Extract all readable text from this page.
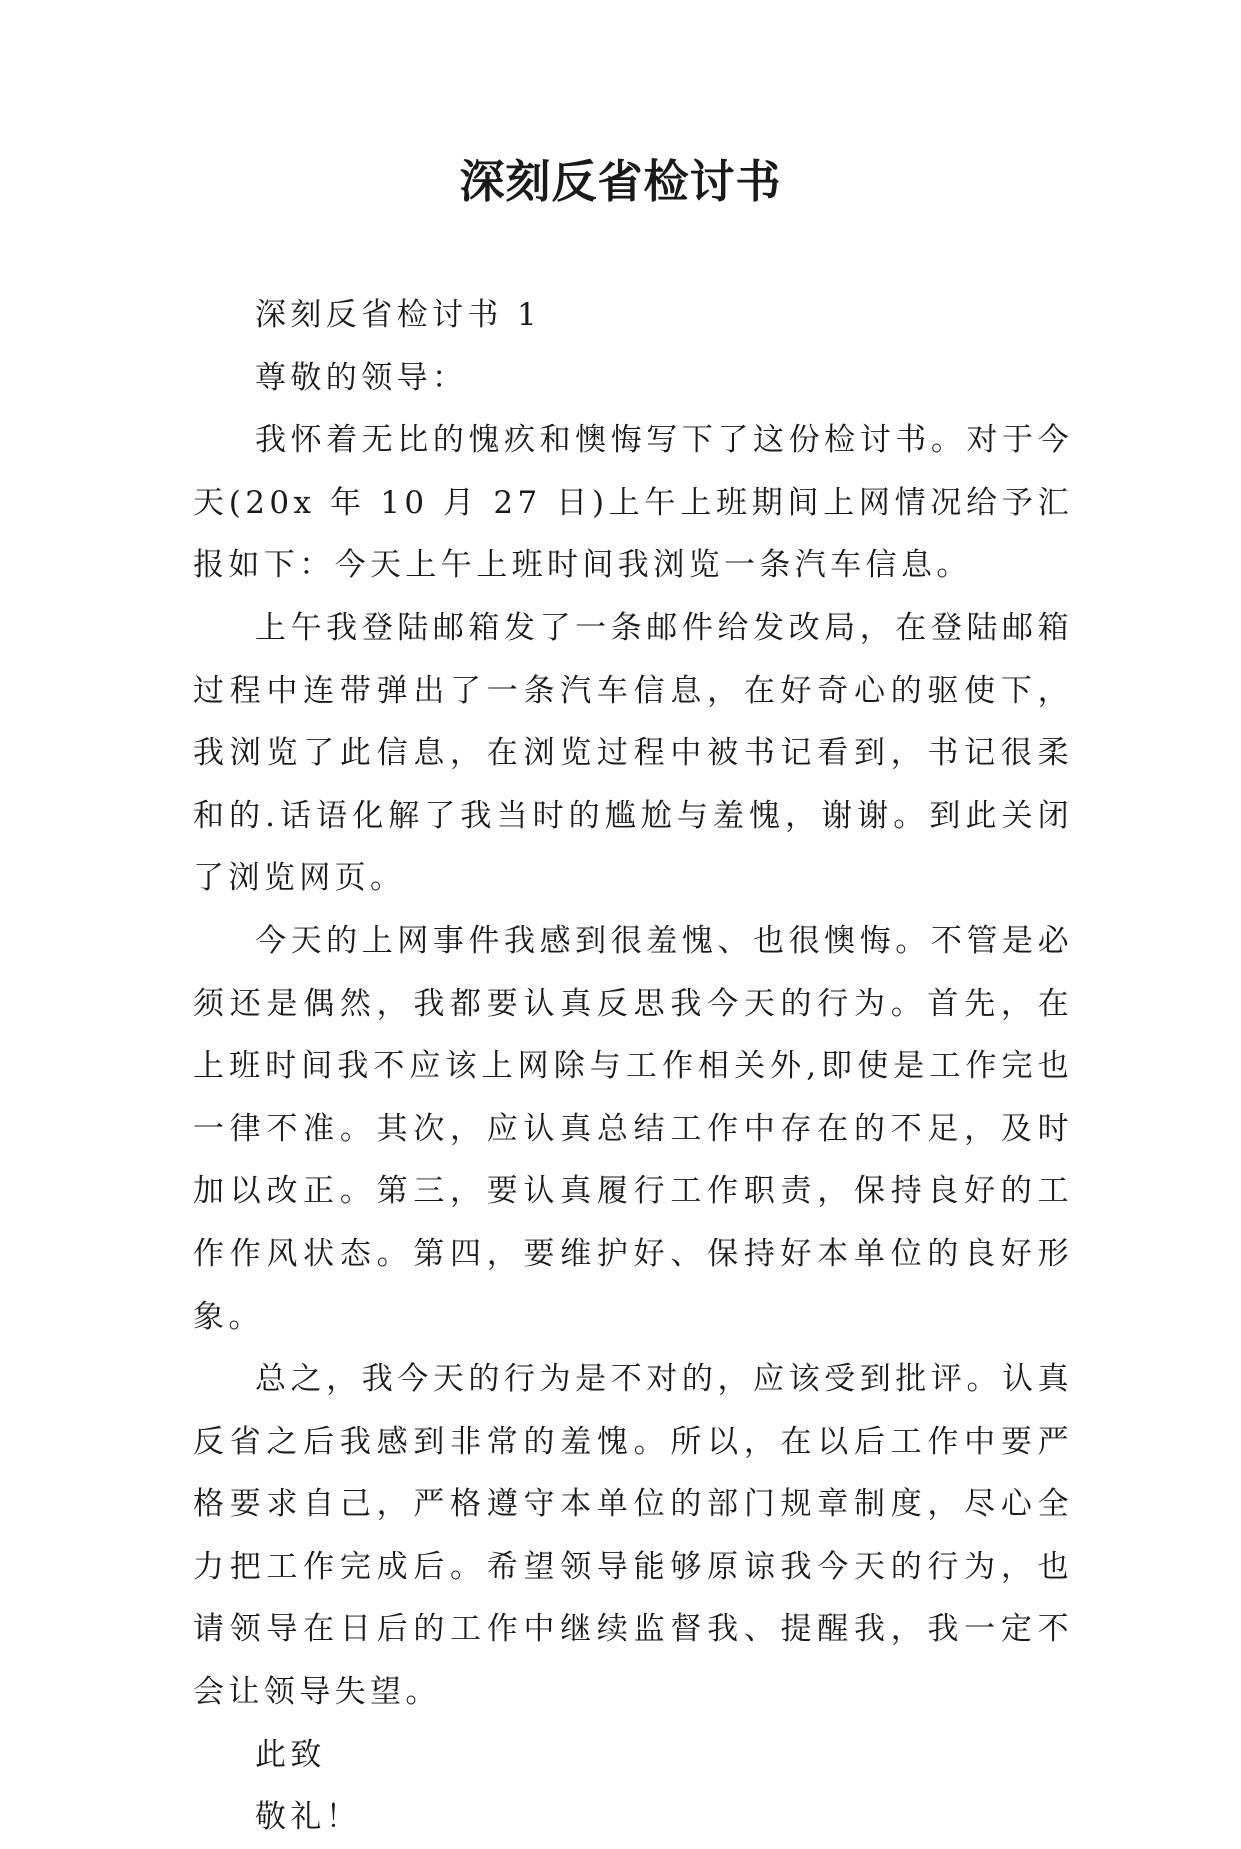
深刻反省检讨书

深刻反省检讨书 1

尊敬的领导：

我怀着无比的愧疚和懊悔写下了这份检讨书。对于今天(20x 年 10 月 27 日)上午上班期间上网情况给予汇报如下：今天上午上班时间我浏览一条汽车信息。

上午我登陆邮箱发了一条邮件给发改局，在登陆邮箱过程中连带弹出了一条汽车信息，在好奇心的驱使下，我浏览了此信息，在浏览过程中被书记看到，书记很柔和的.话语化解了我当时的尴尬与羞愧，谢谢。到此关闭了浏览网页。

今天的上网事件我感到很羞愧、也很懊悔。不管是必须还是偶然，我都要认真反思我今天的行为。首先，在上班时间我不应该上网除与工作相关外,即使是工作完也一律不准。其次，应认真总结工作中存在的不足，及时加以改正。第三，要认真履行工作职责，保持良好的工作作风状态。第四，要维护好、保持好本单位的良好形象。

总之，我今天的行为是不对的，应该受到批评。认真反省之后我感到非常的羞愧。所以，在以后工作中要严格要求自己，严格遵守本单位的部门规章制度，尽心全力把工作完成后。希望领导能够原谅我今天的行为，也请领导在日后的工作中继续监督我、提醒我，我一定不会让领导失望。

此致

敬礼！
